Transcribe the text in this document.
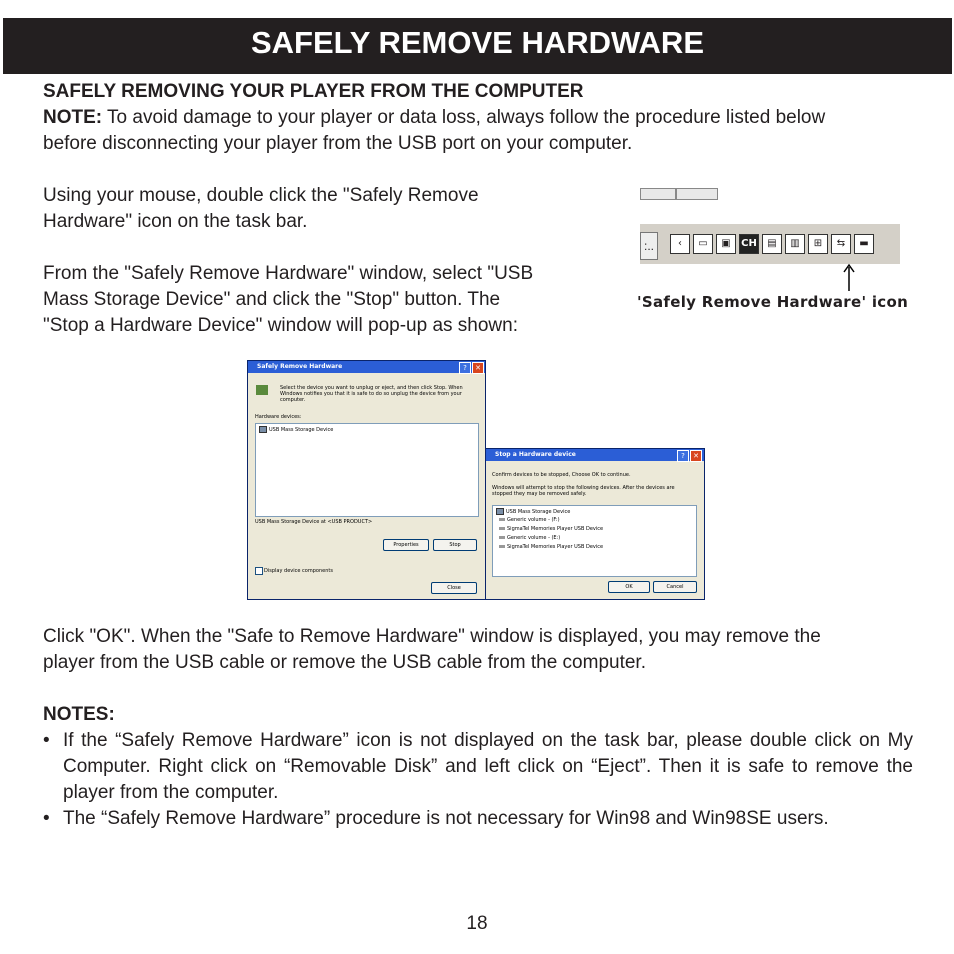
SAFELY REMOVE HARDWARE

SAFELY REMOVING YOUR PLAYER FROM THE COMPUTER

NOTE: To avoid damage to your player or data loss, always follow the procedure listed below

before disconnecting your player from the USB port on your computer.

Using your mouse, double click the "Safely Remove

Hardware" icon on the task bar.

From the "Safely Remove Hardware" window, select "USB

Mass Storage Device" and click the "Stop" button. The

"Stop a Hardware Device" window will pop-up as shown:

:..	‹	▭	▣	CH	▤	▥	⊞	⇆	▬
'Safely Remove Hardware' icon
Safely Remove Hardware	?	✕
Select the device you want to unplug or eject, and then click Stop. When
Windows notifies you that it is safe to do so unplug the device from your
computer.
Hardware devices:
USB Mass Storage Device
USB Mass Storage Device at <USB PRODUCT>
Properties	Stop
Display device components
Close
Stop a Hardware device	?	✕
Confirm devices to be stopped, Choose OK to continue.
Windows will attempt to stop the following devices. After the devices are
stopped they may be removed safely.
USB Mass Storage Device
Generic volume - (F:)
SigmaTel Memories Player USB Device
Generic volume - (E:)
SigmaTel Memories Player USB Device
OK	Cancel

Click "OK". When the "Safe to Remove Hardware" window is displayed, you may remove the

player from the USB cable or remove the USB cable from the computer.

NOTES:

• If the “Safely Remove Hardware” icon is not displayed on the task bar, please double click on My Computer. Right click on “Removable Disk” and left click on “Eject”. Then it is safe to remove the player from the computer.

• The “Safely Remove Hardware” procedure is not necessary for Win98 and Win98SE users.

18
